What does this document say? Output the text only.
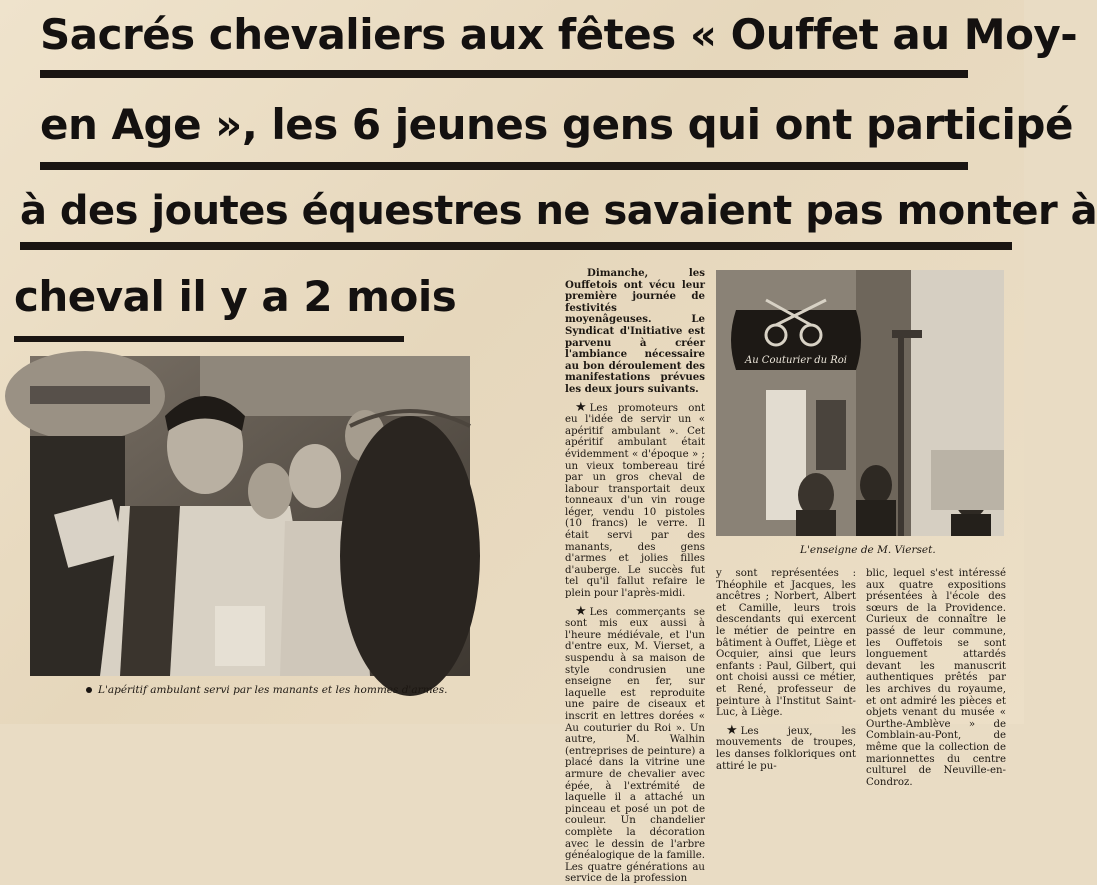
Sacrés chevaliers aux fêtes « Ouffet au Moy-
en Age », les 6 jeunes gens qui ont participé
à des joutes équestres ne savaient pas monter à
cheval il y a 2 mois

L'apéritif ambulant servi par les manants et les hommes d'armes.

Au Couturier du Roi

L'enseigne de M. Vierset.

Dimanche, les Ouffetois ont vécu leur première journée de festivités moyenâgeuses. Le Syndicat d'Initiative est parvenu à créer l'ambiance nécessaire au bon déroulement des manifestations prévues les deux jours suivants.

★ Les promoteurs ont eu l'idée de servir un « apéritif ambulant ». Cet apéritif ambulant était évidemment « d'époque » ; un vieux tombereau tiré par un gros cheval de labour transportait deux tonneaux d'un vin rouge léger, vendu 10 pistoles (10 francs) le verre. Il était servi par des manants, des gens d'armes et jolies filles d'auberge. Le succès fut tel qu'il fallut refaire le plein pour l'après-midi.

★ Les commerçants se sont mis eux aussi à l'heure médiévale, et l'un d'entre eux, M. Vierset, a suspendu à sa maison de style condrusien une enseigne en fer, sur laquelle est reproduite une paire de ciseaux et inscrit en lettres dorées « Au couturier du Roi ». Un autre, M. Walhin (entreprises de peinture) a placé dans la vitrine une armure de chevalier avec épée, à l'extrémité de laquelle il a attaché un pinceau et posé un pot de couleur. Un chandelier complète la décoration avec le dessin de l'arbre généalogique de la famille. Les quatre générations au service de la profession

y sont représentées : Théophile et Jacques, les ancêtres ; Norbert, Albert et Camille, leurs trois descendants qui exercent le métier de peintre en bâtiment à Ouffet, Liège et Ocquier, ainsi que leurs enfants : Paul, Gilbert, qui ont choisi aussi ce métier, et René, professeur de peinture à l'Institut Saint-Luc, à Liège.

★ Les jeux, les mouvements de troupes, les danses folkloriques ont attiré le pu-

blic, lequel s'est intéressé aux quatre expositions présentées à l'école des sœurs de la Providence. Curieux de connaître le passé de leur commune, les Ouffetois se sont longuement attardés devant les manuscrit authentiques prêtés par les archives du royaume, et ont admiré les pièces et objets venant du musée « Ourthe-Amblève » de Comblain-au-Pont, de même que la collection de marionnettes du centre culturel de Neuville-en-Condroz.
